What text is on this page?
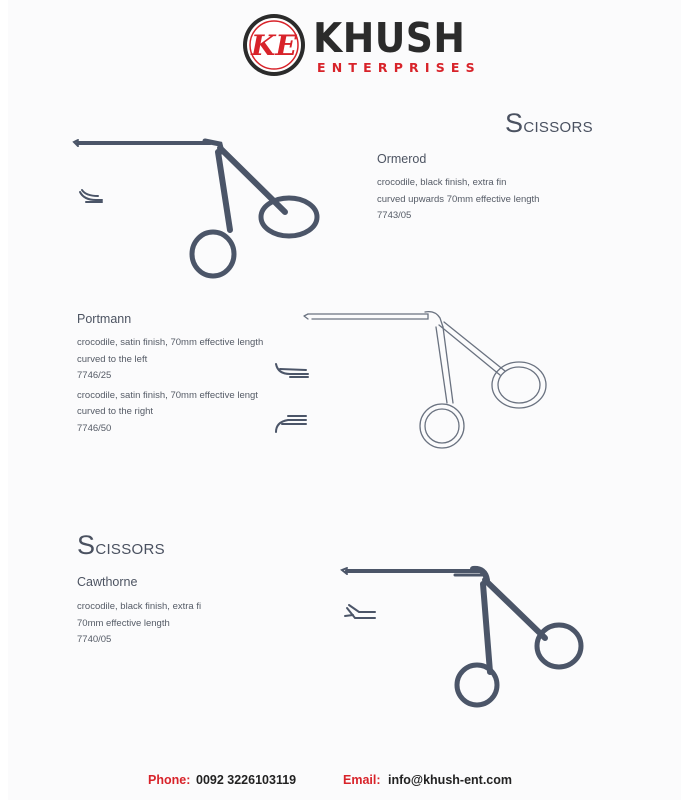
KE KHUSH
ENTERPRISES
Scissors
Ormerod
crocodile, black finish, extra fin
curved upwards 70mm effective length
7743/05
Portmann
crocodile, satin finish, 70mm effective length
curved to the left
7746/25
crocodile, satin finish, 70mm effective lengt
curved to the right
7746/50
Scissors
Cawthorne
crocodile, black finish, extra fi
70mm effective length
7740/05
Phone: 0092 3226103119	Email: info@khush-ent.com
